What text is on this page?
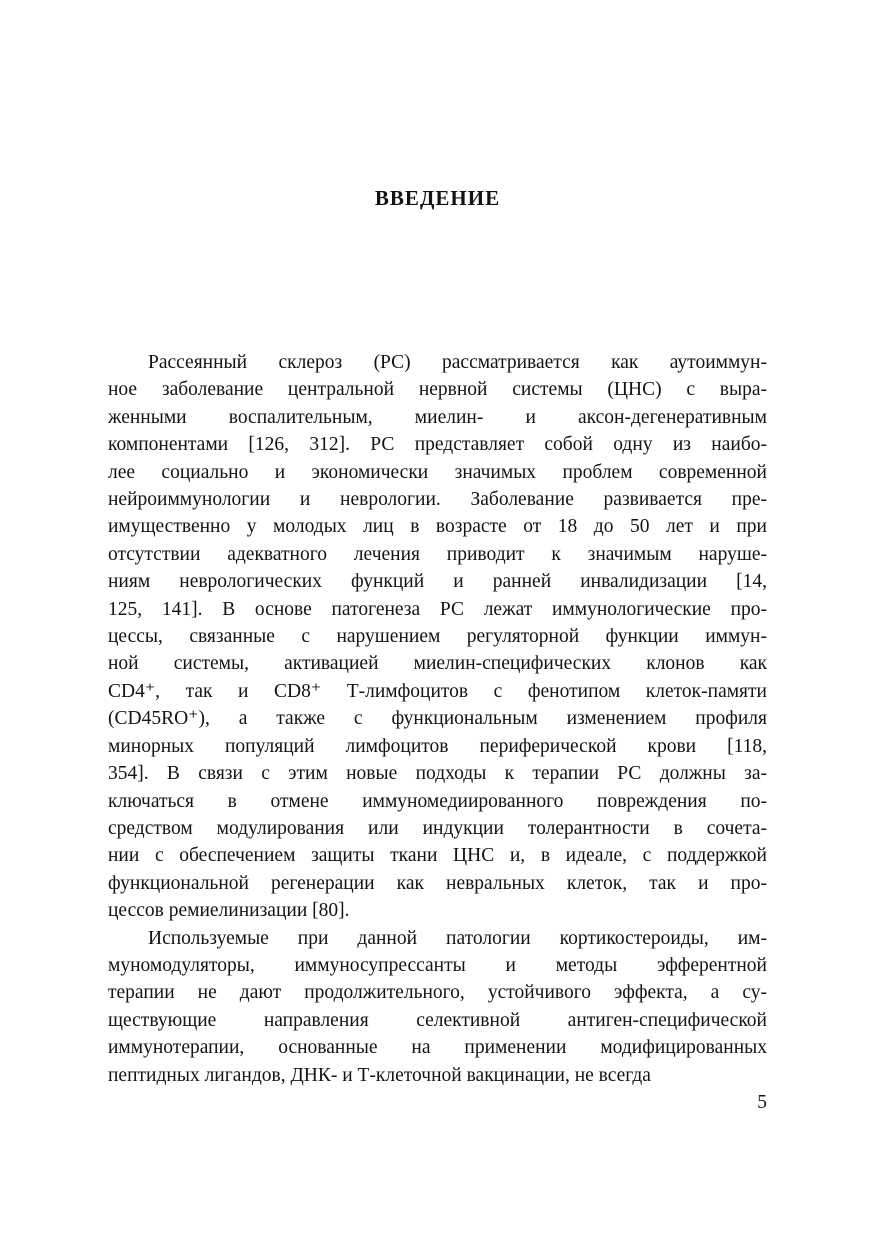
ВВЕДЕНИЕ
Рассеянный склероз (РС) рассматривается как аутоиммун-
ное заболевание центральной нервной системы (ЦНС) с выра-
женными воспалительным, миелин- и аксон-дегенеративным
компонентами [126, 312]. РС представляет собой одну из наибо-
лее социально и экономически значимых проблем современной
нейроиммунологии и неврологии. Заболевание развивается пре-
имущественно у молодых лиц в возрасте от 18 до 50 лет и при
отсутствии адекватного лечения приводит к значимым наруше-
ниям неврологических функций и ранней инвалидизации [14,
125, 141]. В основе патогенеза РС лежат иммунологические про-
цессы, связанные с нарушением регуляторной функции иммун-
ной системы, активацией миелин-специфических клонов как
CD4⁺, так и CD8⁺ Т-лимфоцитов с фенотипом клеток-памяти
(CD45RO⁺), а также с функциональным изменением профиля
минорных популяций лимфоцитов периферической крови [118,
354]. В связи с этим новые подходы к терапии РС должны за-
ключаться в отмене иммуномедиированного повреждения по-
средством модулирования или индукции толерантности в сочета-
нии с обеспечением защиты ткани ЦНС и, в идеале, с поддержкой
функциональной регенерации как невральных клеток, так и про-
цессов ремиелинизации [80].
Используемые при данной патологии кортикостероиды, им-
муномодуляторы, иммуносупрессанты и методы эфферентной
терапии не дают продолжительного, устойчивого эффекта, а су-
ществующие направления селективной антиген-специфической
иммунотерапии, основанные на применении модифицированных
пептидных лигандов, ДНК- и Т-клеточной вакцинации, не всегда
5
